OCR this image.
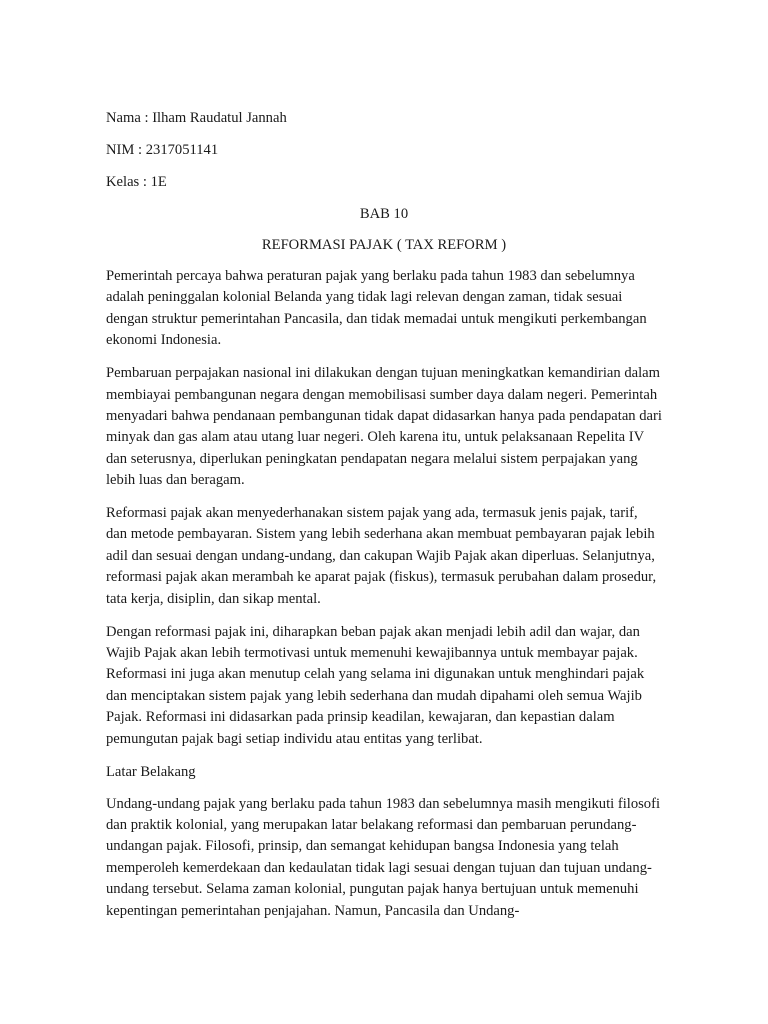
Nama : Ilham Raudatul Jannah
NIM : 2317051141
Kelas : 1E
BAB 10
REFORMASI PAJAK ( TAX REFORM )

Pemerintah percaya bahwa peraturan pajak yang berlaku pada tahun 1983 dan sebelumnya adalah peninggalan kolonial Belanda yang tidak lagi relevan dengan zaman, tidak sesuai dengan struktur pemerintahan Pancasila, dan tidak memadai untuk mengikuti perkembangan ekonomi Indonesia.

Pembaruan perpajakan nasional ini dilakukan dengan tujuan meningkatkan kemandirian dalam membiayai pembangunan negara dengan memobilisasi sumber daya dalam negeri. Pemerintah menyadari bahwa pendanaan pembangunan tidak dapat didasarkan hanya pada pendapatan dari minyak dan gas alam atau utang luar negeri. Oleh karena itu, untuk pelaksanaan Repelita IV dan seterusnya, diperlukan peningkatan pendapatan negara melalui sistem perpajakan yang lebih luas dan beragam.

Reformasi pajak akan menyederhanakan sistem pajak yang ada, termasuk jenis pajak, tarif, dan metode pembayaran. Sistem yang lebih sederhana akan membuat pembayaran pajak lebih adil dan sesuai dengan undang-undang, dan cakupan Wajib Pajak akan diperluas. Selanjutnya, reformasi pajak akan merambah ke aparat pajak (fiskus), termasuk perubahan dalam prosedur, tata kerja, disiplin, dan sikap mental.

Dengan reformasi pajak ini, diharapkan beban pajak akan menjadi lebih adil dan wajar, dan Wajib Pajak akan lebih termotivasi untuk memenuhi kewajibannya untuk membayar pajak. Reformasi ini juga akan menutup celah yang selama ini digunakan untuk menghindari pajak dan menciptakan sistem pajak yang lebih sederhana dan mudah dipahami oleh semua Wajib Pajak. Reformasi ini didasarkan pada prinsip keadilan, kewajaran, dan kepastian dalam pemungutan pajak bagi setiap individu atau entitas yang terlibat.

Latar Belakang

Undang-undang pajak yang berlaku pada tahun 1983 dan sebelumnya masih mengikuti filosofi dan praktik kolonial, yang merupakan latar belakang reformasi dan pembaruan perundang-undangan pajak. Filosofi, prinsip, dan semangat kehidupan bangsa Indonesia yang telah memperoleh kemerdekaan dan kedaulatan tidak lagi sesuai dengan tujuan dan tujuan undang-undang tersebut. Selama zaman kolonial, pungutan pajak hanya bertujuan untuk memenuhi kepentingan pemerintahan penjajahan. Namun, Pancasila dan Undang-
